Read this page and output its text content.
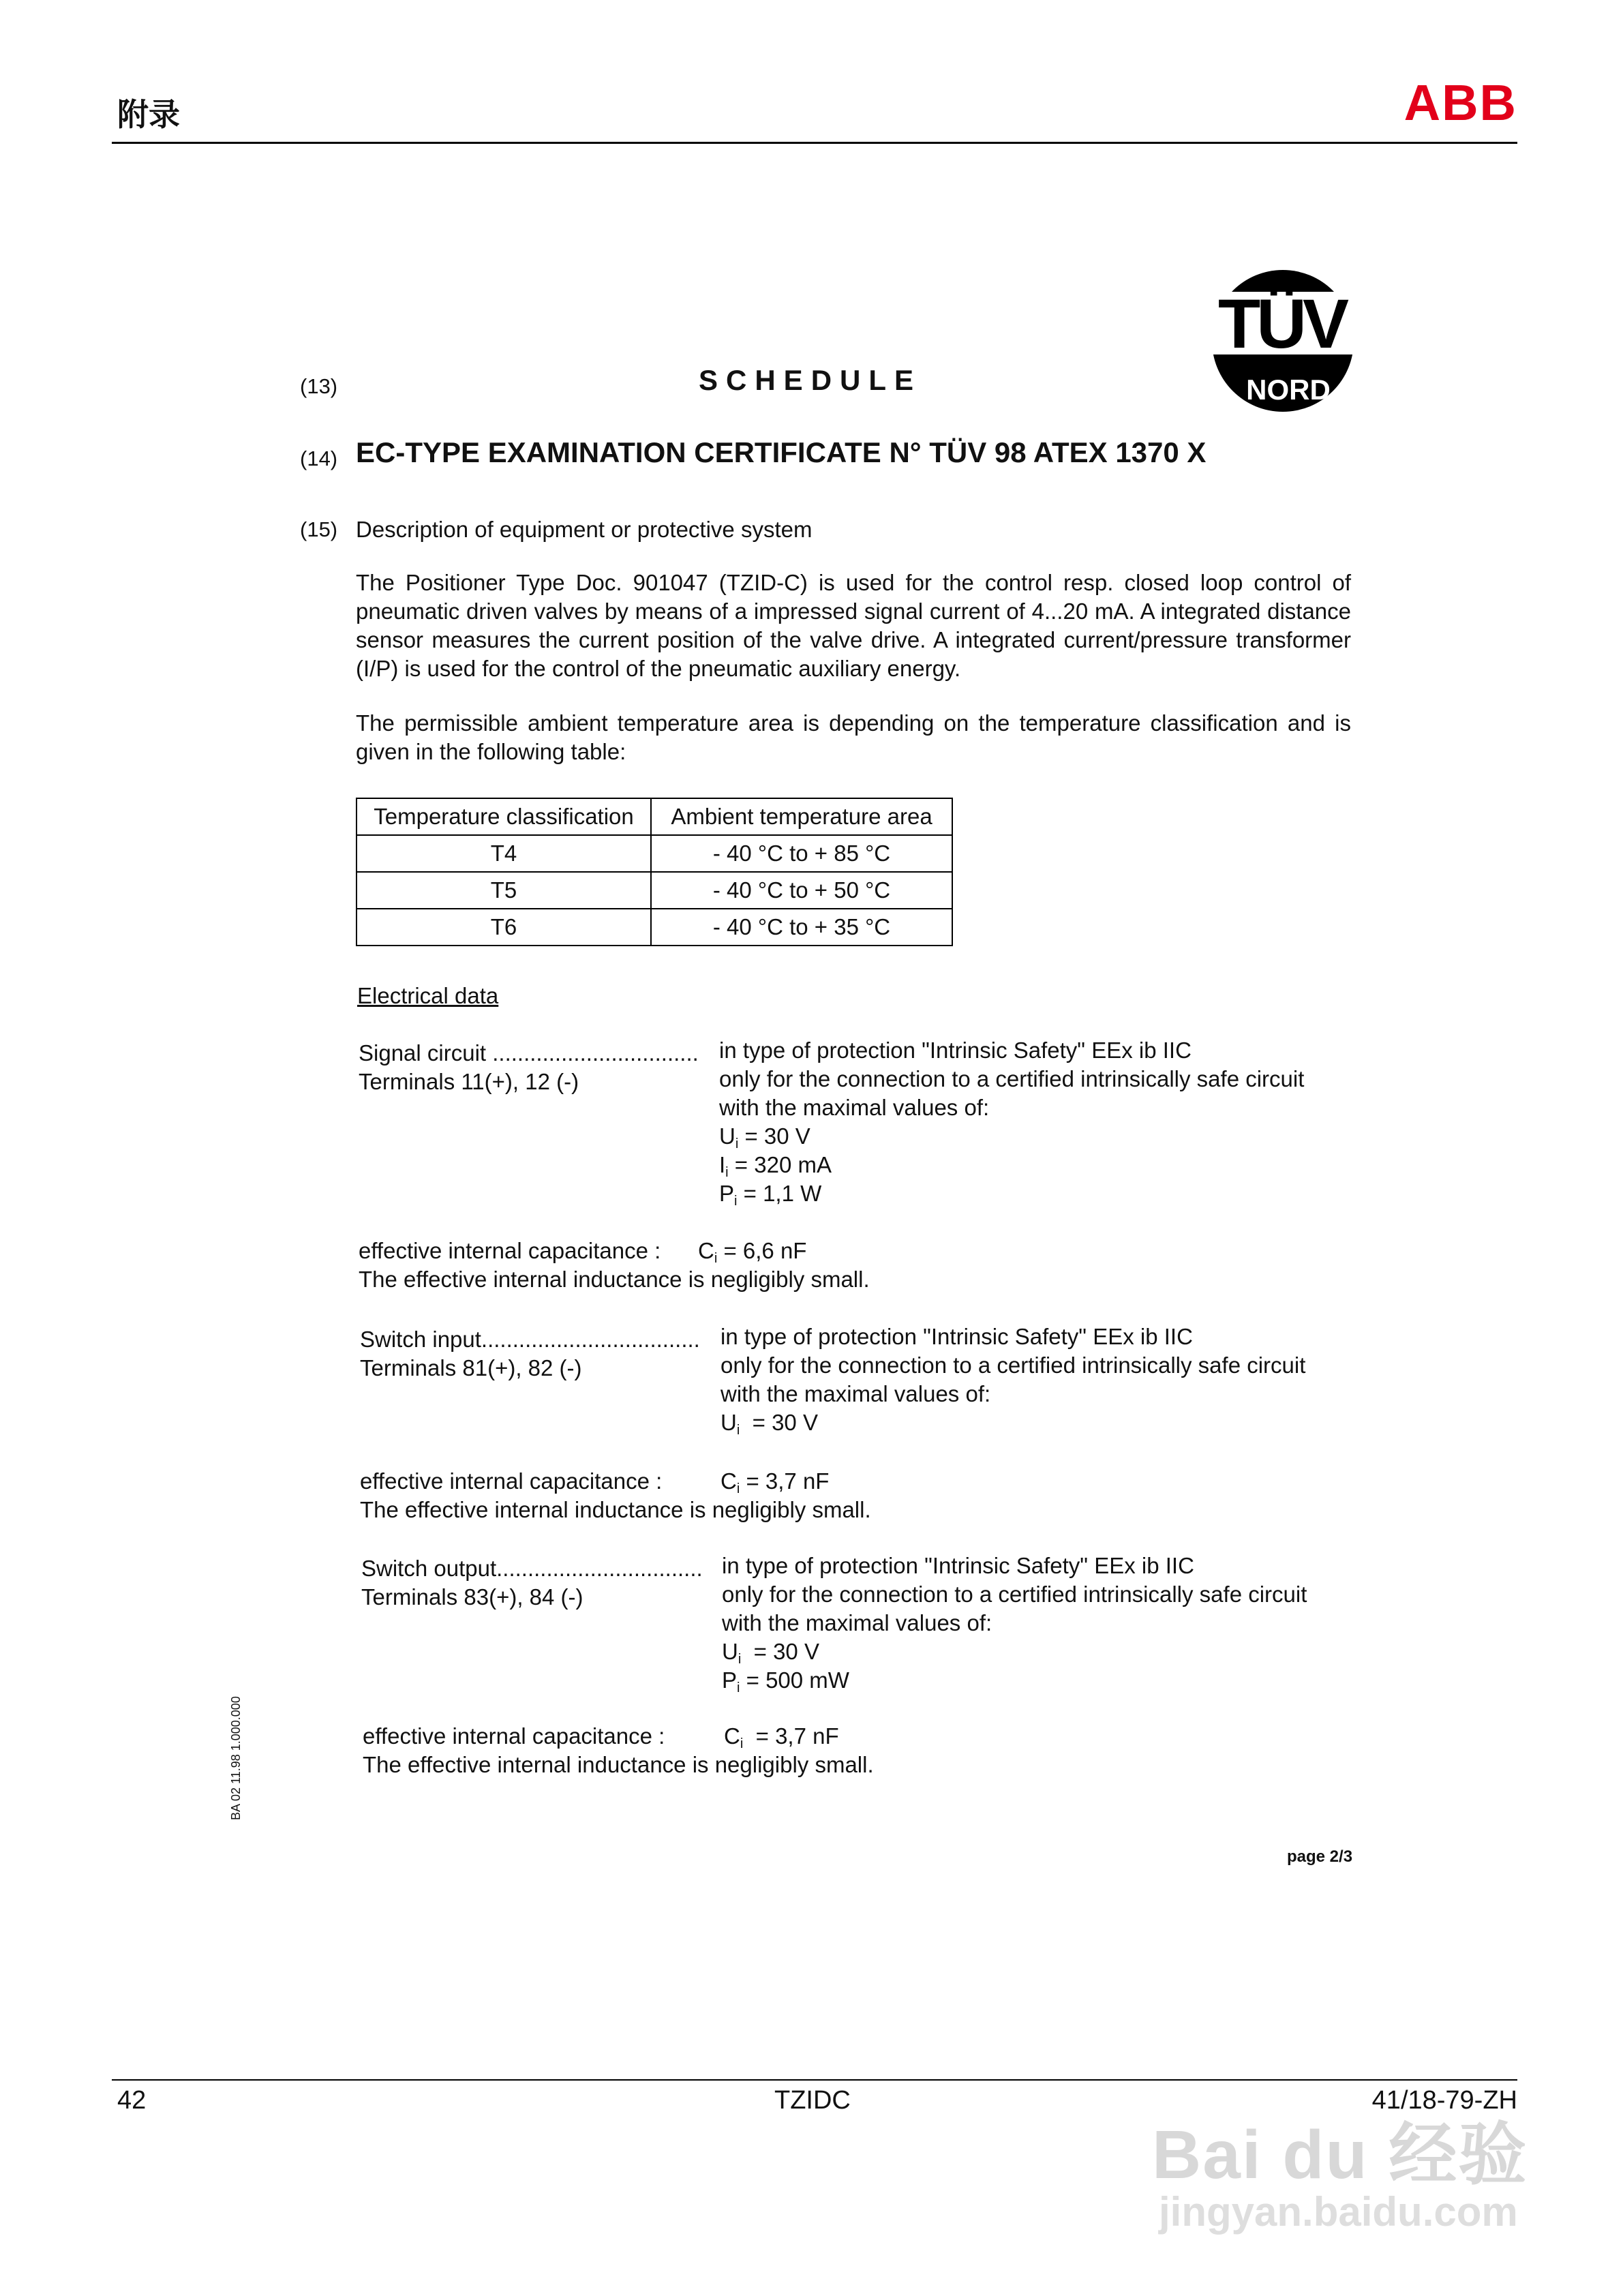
附录	ABB
TÜV
NORD
(13)	SCHEDULE
(14) EC-TYPE EXAMINATION CERTIFICATE N° TÜV 98 ATEX 1370 X
(15) Description of equipment or protective system
The Positioner Type Doc. 901047 (TZID-C) is used for the control resp. closed loop control of pneumatic driven valves by means of a impressed signal current of 4...20 mA. A integrated distance sensor measures the current position of the valve drive. A integrated current/pressure transformer (I/P) is used for the control of the pneumatic auxiliary energy.
The permissible ambient temperature area is depending on the temperature classification and is given in the following table:
Temperature classification	Ambient temperature area
T4	- 40 °C to + 85 °C
T5	- 40 °C to + 50 °C
T6	- 40 °C to + 35 °C
Electrical data
Signal circuit ................................. in type of protection "Intrinsic Safety" EEx ib IIC
Terminals 11(+), 12 (-)	only for the connection to a certified intrinsically safe circuit
with the maximal values of:
$U_i = 30$ V
$I_i = 320$ mA
$P_i = 1,1$ W
effective internal capacitance : $C_i = 6,6$ nF
The effective internal inductance is negligibly small.
Switch input................................... in type of protection "Intrinsic Safety" EEx ib IIC
Terminals 81(+), 82 (-)	only for the connection to a certified intrinsically safe circuit
with the maximal values of:
$U_i = 30$ V
effective internal capacitance :	$C_i = 3,7$ nF
The effective internal inductance is negligibly small.
Switch output................................. in type of protection "Intrinsic Safety" EEx ib IIC
Terminals 83(+), 84 (-)	only for the connection to a certified intrinsically safe circuit
with the maximal values of:
$U_i = 30$ V
$P_i = 500$ mW
effective internal capacitance :	$C_i = 3,7$ nF
The effective internal inductance is negligibly small.
BA 02 11.98 1.000.000
page 2/3
42	TZIDC	41/18-79-ZH
Bai du 经验
jingyan.baidu.com
